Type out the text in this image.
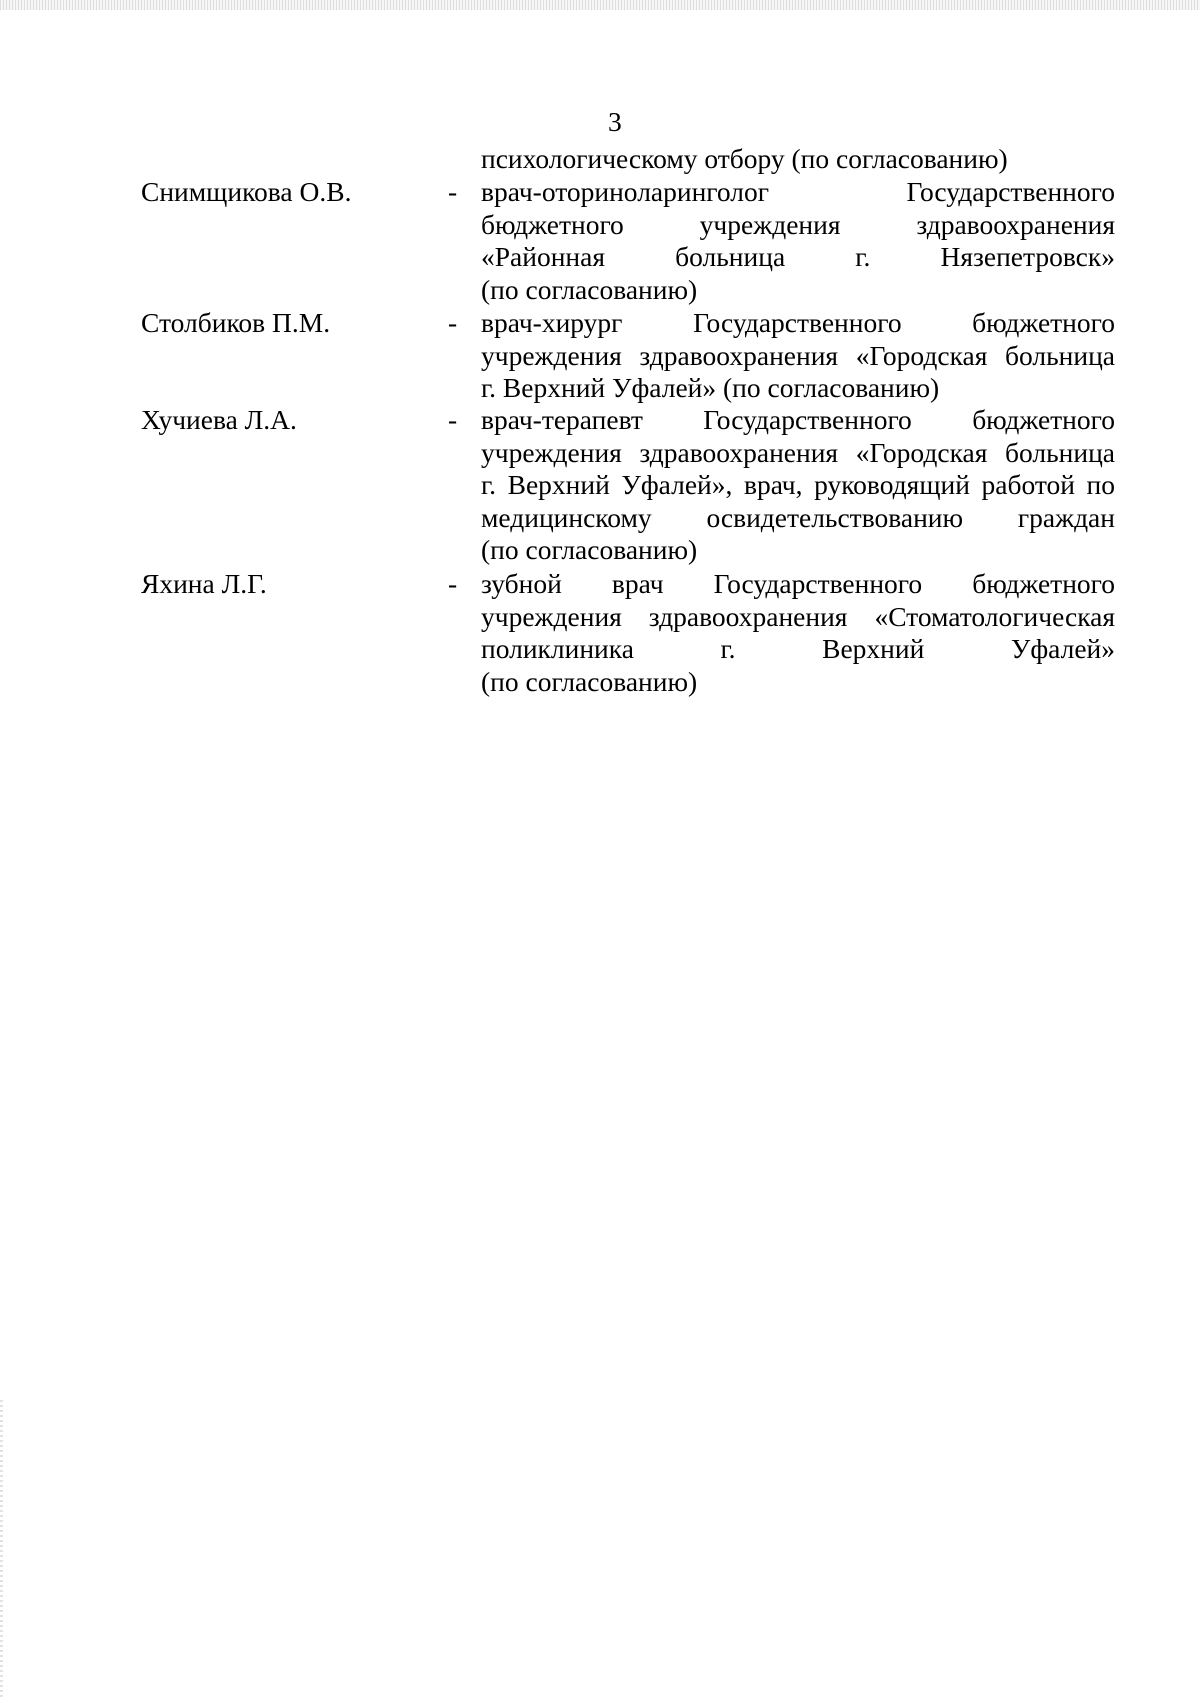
3
психологическому отбору (по согласованию)
Снимщикова О.В.	- врач-оториноларинголог Государственного
бюджетного учреждения здравоохранения
«Районная больница г. Нязепетровск»
(по согласованию)
Столбиков П.М.	- врач-хирург Государственного бюджетного
учреждения здравоохранения «Городская больница
г. Верхний Уфалей» (по согласованию)
Хучиева Л.А.	- врач-терапевт Государственного бюджетного
учреждения здравоохранения «Городская больница
г. Верхний Уфалей», врач, руководящий работой по
медицинскому освидетельствованию граждан
(по согласованию)
Яхина Л.Г.	- зубной врач Государственного бюджетного
учреждения здравоохранения «Стоматологическая
поликлиника г. Верхний Уфалей»
(по согласованию)
